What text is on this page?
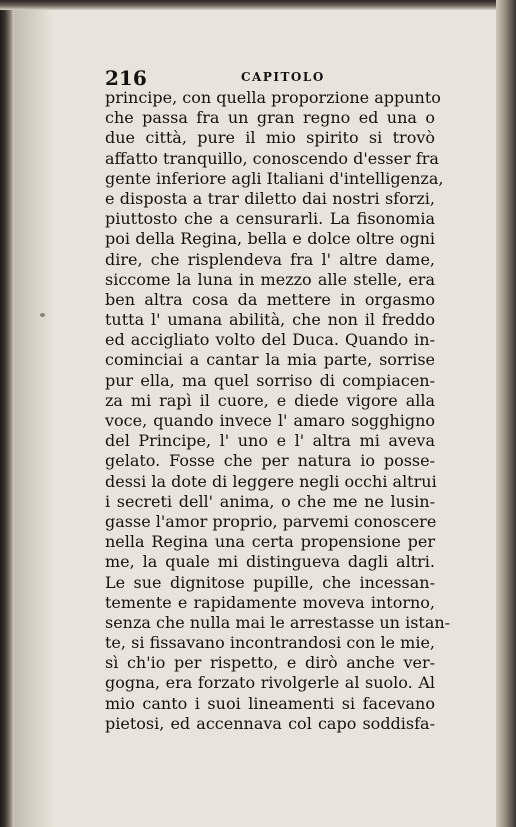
216	CAPITOLO
principe, con quella proporzione appunto
che passa fra un gran regno ed una o
due città, pure il mio spirito si trovò
affatto tranquillo, conoscendo d'esser fra
gente inferiore agli Italiani d'intelligenza,
e disposta a trar diletto dai nostri sforzi,
piuttosto che a censurarli. La fisonomia
poi della Regina, bella e dolce oltre ogni
dire, che risplendeva fra l' altre dame,
siccome la luna in mezzo alle stelle, era
ben altra cosa da mettere in orgasmo
tutta l' umana abilità, che non il freddo
ed accigliato volto del Duca. Quando in-
cominciai a cantar la mia parte, sorrise
pur ella, ma quel sorriso di compiacen-
za mi rapì il cuore, e diede vigore alla
voce, quando invece l' amaro sogghigno
del Principe, l' uno e l' altra mi aveva
gelato. Fosse che per natura io posse-
dessi la dote di leggere negli occhi altrui
i secreti dell' anima, o che me ne lusin-
gasse l'amor proprio, parvemi conoscere
nella Regina una certa propensione per
me, la quale mi distingueva dagli altri.
Le sue dignitose pupille, che incessan-
temente e rapidamente moveva intorno,
senza che nulla mai le arrestasse un istan-
te, si fissavano incontrandosi con le mie,
sì ch'io per rispetto, e dirò anche ver-
gogna, era forzato rivolgerle al suolo. Al
mio canto i suoi lineamenti si facevano
pietosi, ed accennava col capo soddisfa-
